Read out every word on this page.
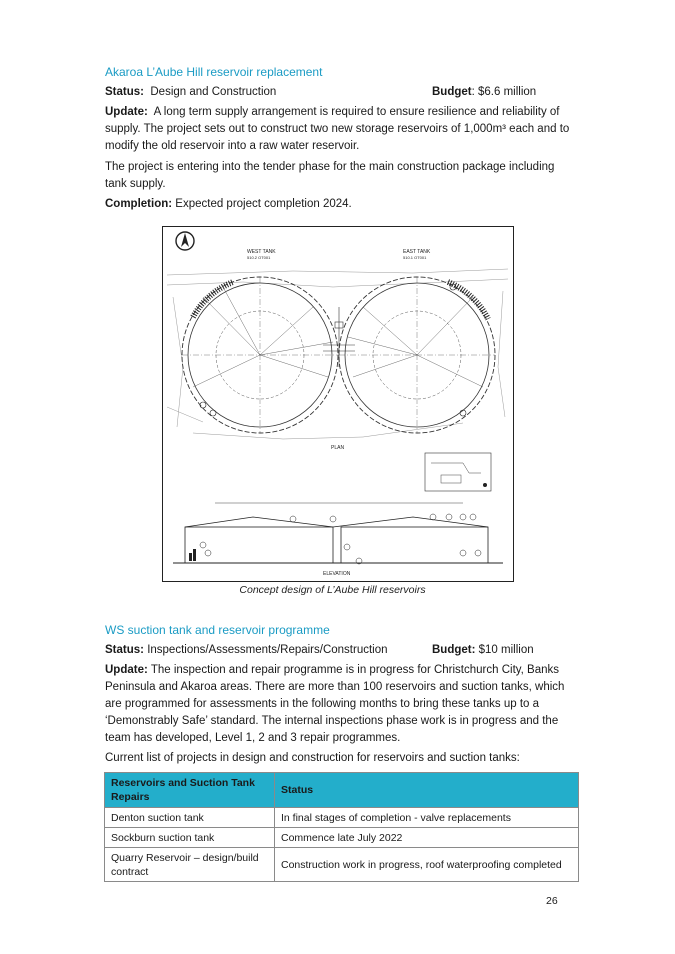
Akaroa L’Aube Hill reservoir replacement
Status: Design and Construction	Budget: $6.6 million
Update: A long term supply arrangement is required to ensure resilience and reliability of supply. The project sets out to construct two new storage reservoirs of 1,000m³ each and to modify the old reservoir into a raw water reservoir.
The project is entering into the tender phase for the main construction package including tank supply.
Completion: Expected project completion 2024.
WEST TANK
510.2 OT001
EAST TANK
510.1 OT001
PLAN
ELEVATION
Concept design of L’Aube Hill reservoirs
WS suction tank and reservoir programme
Status: Inspections/Assessments/Repairs/Construction	Budget: $10 million
Update: The inspection and repair programme is in progress for Christchurch City, Banks Peninsula and Akaroa areas. There are more than 100 reservoirs and suction tanks, which are programmed for assessments in the following months to bring these tanks up to a ‘Demonstrably Safe’ standard. The internal inspections phase work is in progress and the team has developed, Level 1, 2 and 3 repair programmes.
Current list of projects in design and construction for reservoirs and suction tanks:
Reservoirs and Suction Tank Repairs	Status
Denton suction tank	In final stages of completion - valve replacements
Sockburn suction tank	Commence late July 2022
Quarry Reservoir – design/build contract	Construction work in progress, roof waterproofing completed
26
